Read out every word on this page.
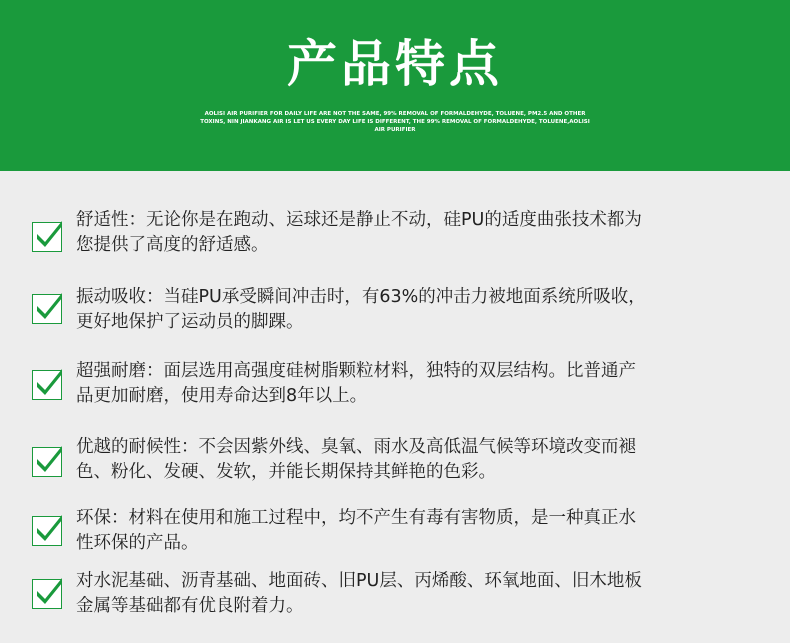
产品特点
AOLISI AIR PURIFIER FOR DAILY LIFE ARE NOT THE SAME, 99% REMOVAL OF FORMALDEHYDE, TOLUENE, PM2.5 AND OTHER TOXINS, NIN JIANKANG AIR IS LET US EVERY DAY LIFE IS DIFFERENT, THE 99% REMOVAL OF FORMALDEHYDE, TOLUENE,AOLISI AIR PURIFIER
舒适性：无论你是在跑动、运球还是静止不动，硅PU的适度曲张技术都为
您提供了高度的舒适感。
振动吸收：当硅PU承受瞬间冲击时，有63%的冲击力被地面系统所吸收，
更好地保护了运动员的脚踝。
超强耐磨：面层选用高强度硅树脂颗粒材料，独特的双层结构。比普通产
品更加耐磨，使用寿命达到8年以上。
优越的耐候性：不会因紫外线、臭氧、雨水及高低温气候等环境改变而褪
色、粉化、发硬、发软，并能长期保持其鲜艳的色彩。
环保：材料在使用和施工过程中，均不产生有毒有害物质，是一种真正水
性环保的产品。
对水泥基础、沥青基础、地面砖、旧PU层、丙烯酸、环氧地面、旧木地板
金属等基础都有优良附着力。
